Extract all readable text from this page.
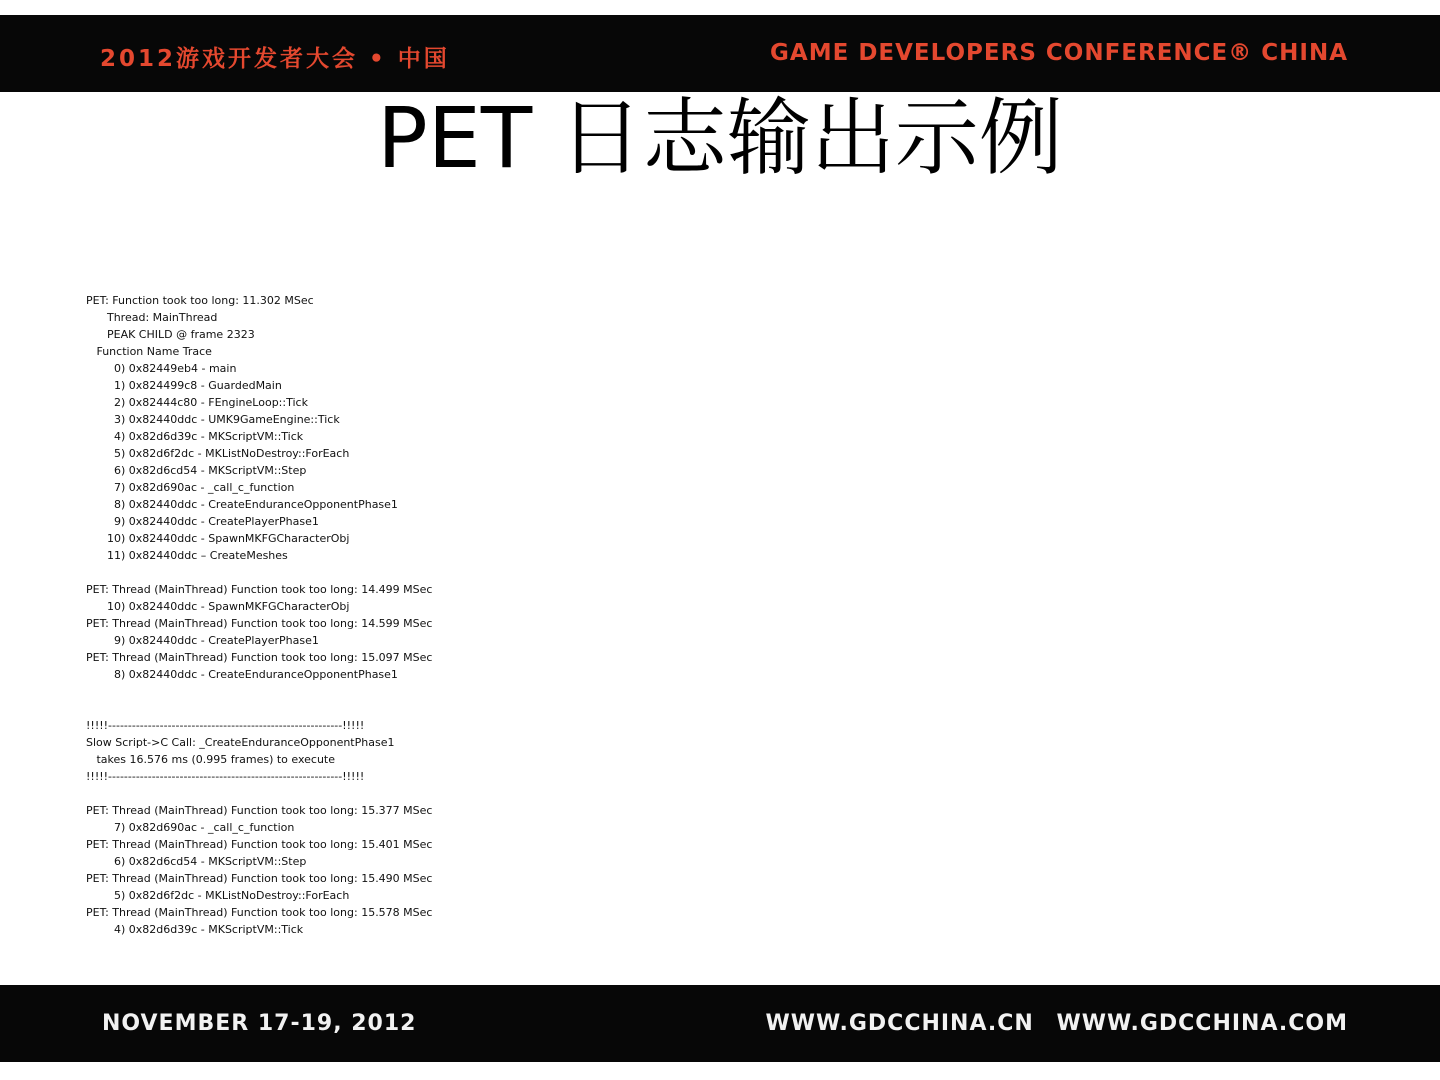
2012游戏开发者大会 • 中国	GAME DEVELOPERS CONFERENCE® CHINA
PET 日志输出示例
PET: Function took too long: 11.302 MSec
Thread: MainThread
PEAK CHILD @ frame 2323
Function Name Trace
0) 0x82449eb4 - main
1) 0x824499c8 - GuardedMain
2) 0x82444c80 - FEngineLoop::Tick
3) 0x82440ddc - UMK9GameEngine::Tick
4) 0x82d6d39c - MKScriptVM::Tick
5) 0x82d6f2dc - MKListNoDestroy::ForEach
6) 0x82d6cd54 - MKScriptVM::Step
7) 0x82d690ac - _call_c_function
8) 0x82440ddc - CreateEnduranceOpponentPhase1
9) 0x82440ddc - CreatePlayerPhase1
10) 0x82440ddc - SpawnMKFGCharacterObj
11) 0x82440ddc – CreateMeshes
PET: Thread (MainThread) Function took too long: 14.499 MSec
10) 0x82440ddc - SpawnMKFGCharacterObj
PET: Thread (MainThread) Function took too long: 14.599 MSec
9) 0x82440ddc - CreatePlayerPhase1
PET: Thread (MainThread) Function took too long: 15.097 MSec
8) 0x82440ddc - CreateEnduranceOpponentPhase1
!!!!!-----------------------------------------------------------!!!!!
Slow Script->C Call: _CreateEnduranceOpponentPhase1
takes 16.576 ms (0.995 frames) to execute
!!!!!-----------------------------------------------------------!!!!!
PET: Thread (MainThread) Function took too long: 15.377 MSec
7) 0x82d690ac - _call_c_function
PET: Thread (MainThread) Function took too long: 15.401 MSec
6) 0x82d6cd54 - MKScriptVM::Step
PET: Thread (MainThread) Function took too long: 15.490 MSec
5) 0x82d6f2dc - MKListNoDestroy::ForEach
PET: Thread (MainThread) Function took too long: 15.578 MSec
4) 0x82d6d39c - MKScriptVM::Tick
NOVEMBER 17-19, 2012	WWW.GDCCHINA.CN WWW.GDCCHINA.COM
